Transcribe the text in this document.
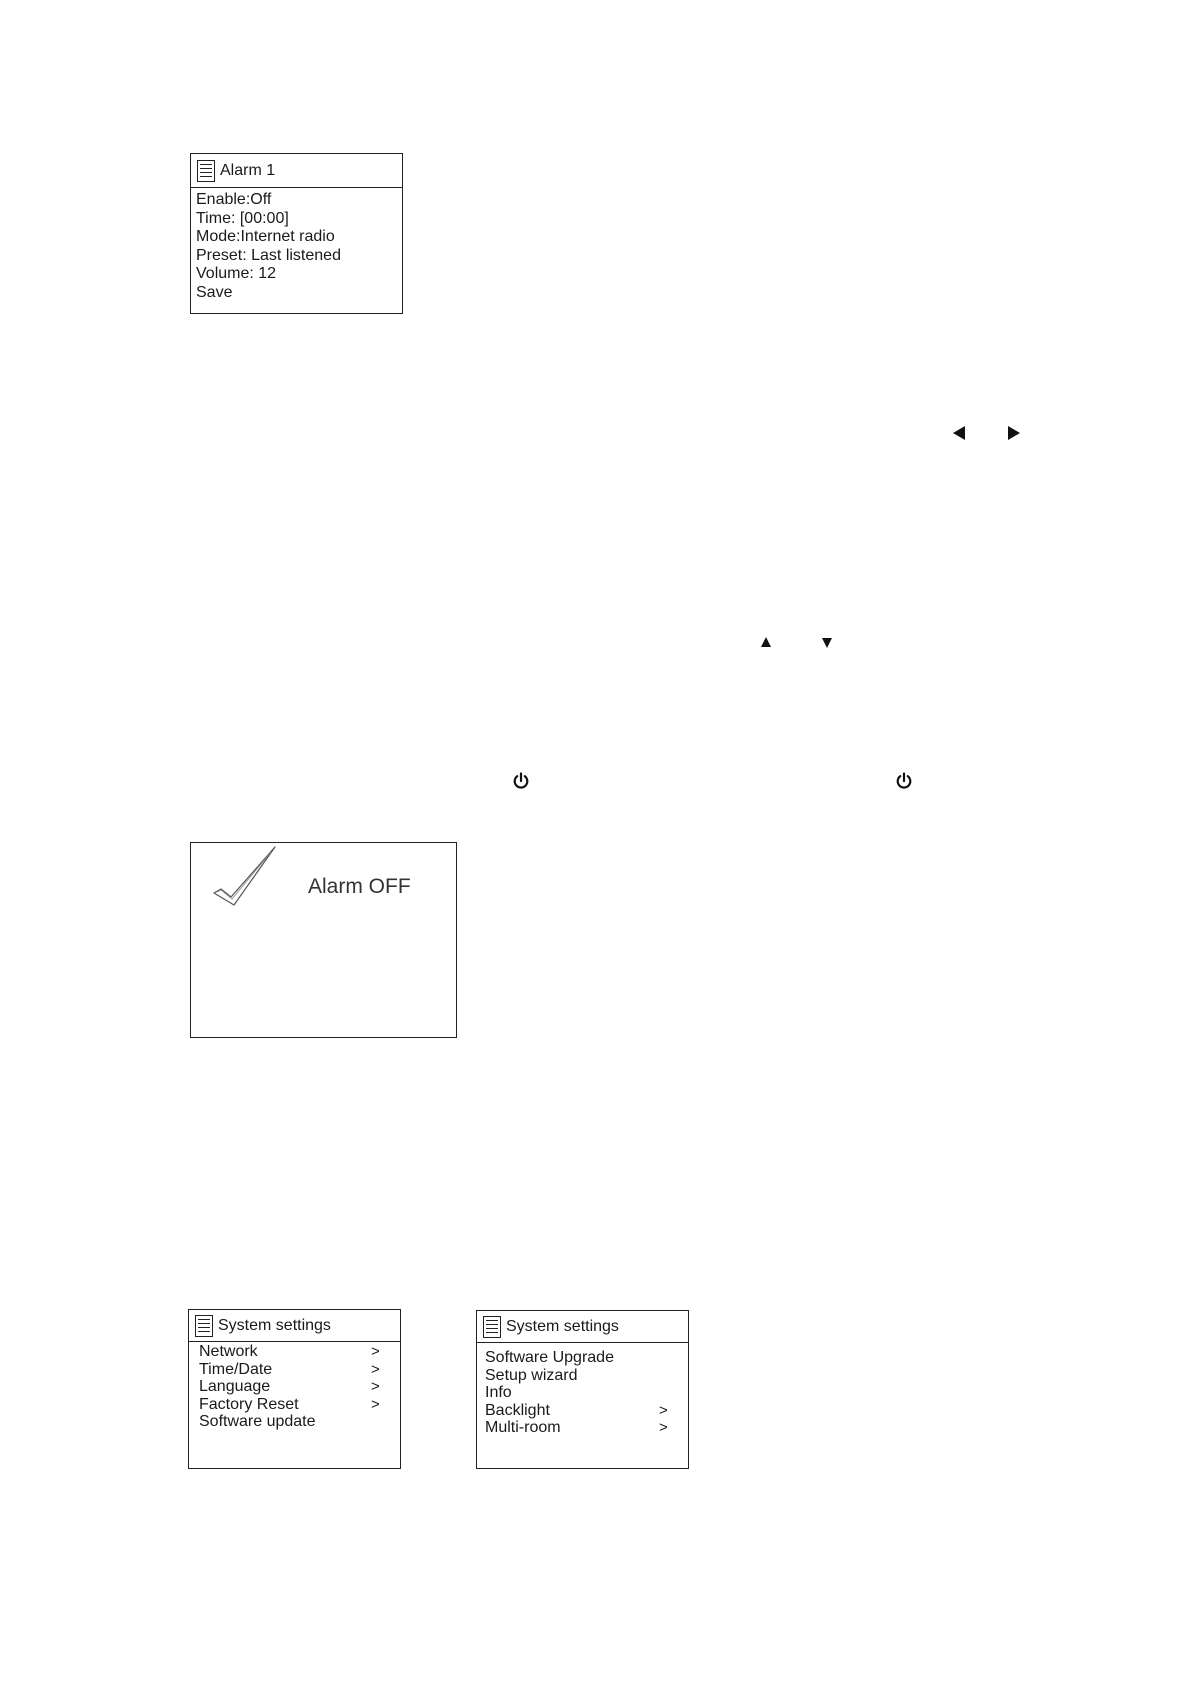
Alarm 1
Enable:Off
Time: [00:00]
Mode:Internet radio
Preset: Last listened
Volume: 12
Save
Alarm OFF
System settings
Network	>
Time/Date	>
Language	>
Factory Reset	>
Software update
System settings
Software Upgrade
Setup wizard
Info
Backlight	>
Multi-room	>
